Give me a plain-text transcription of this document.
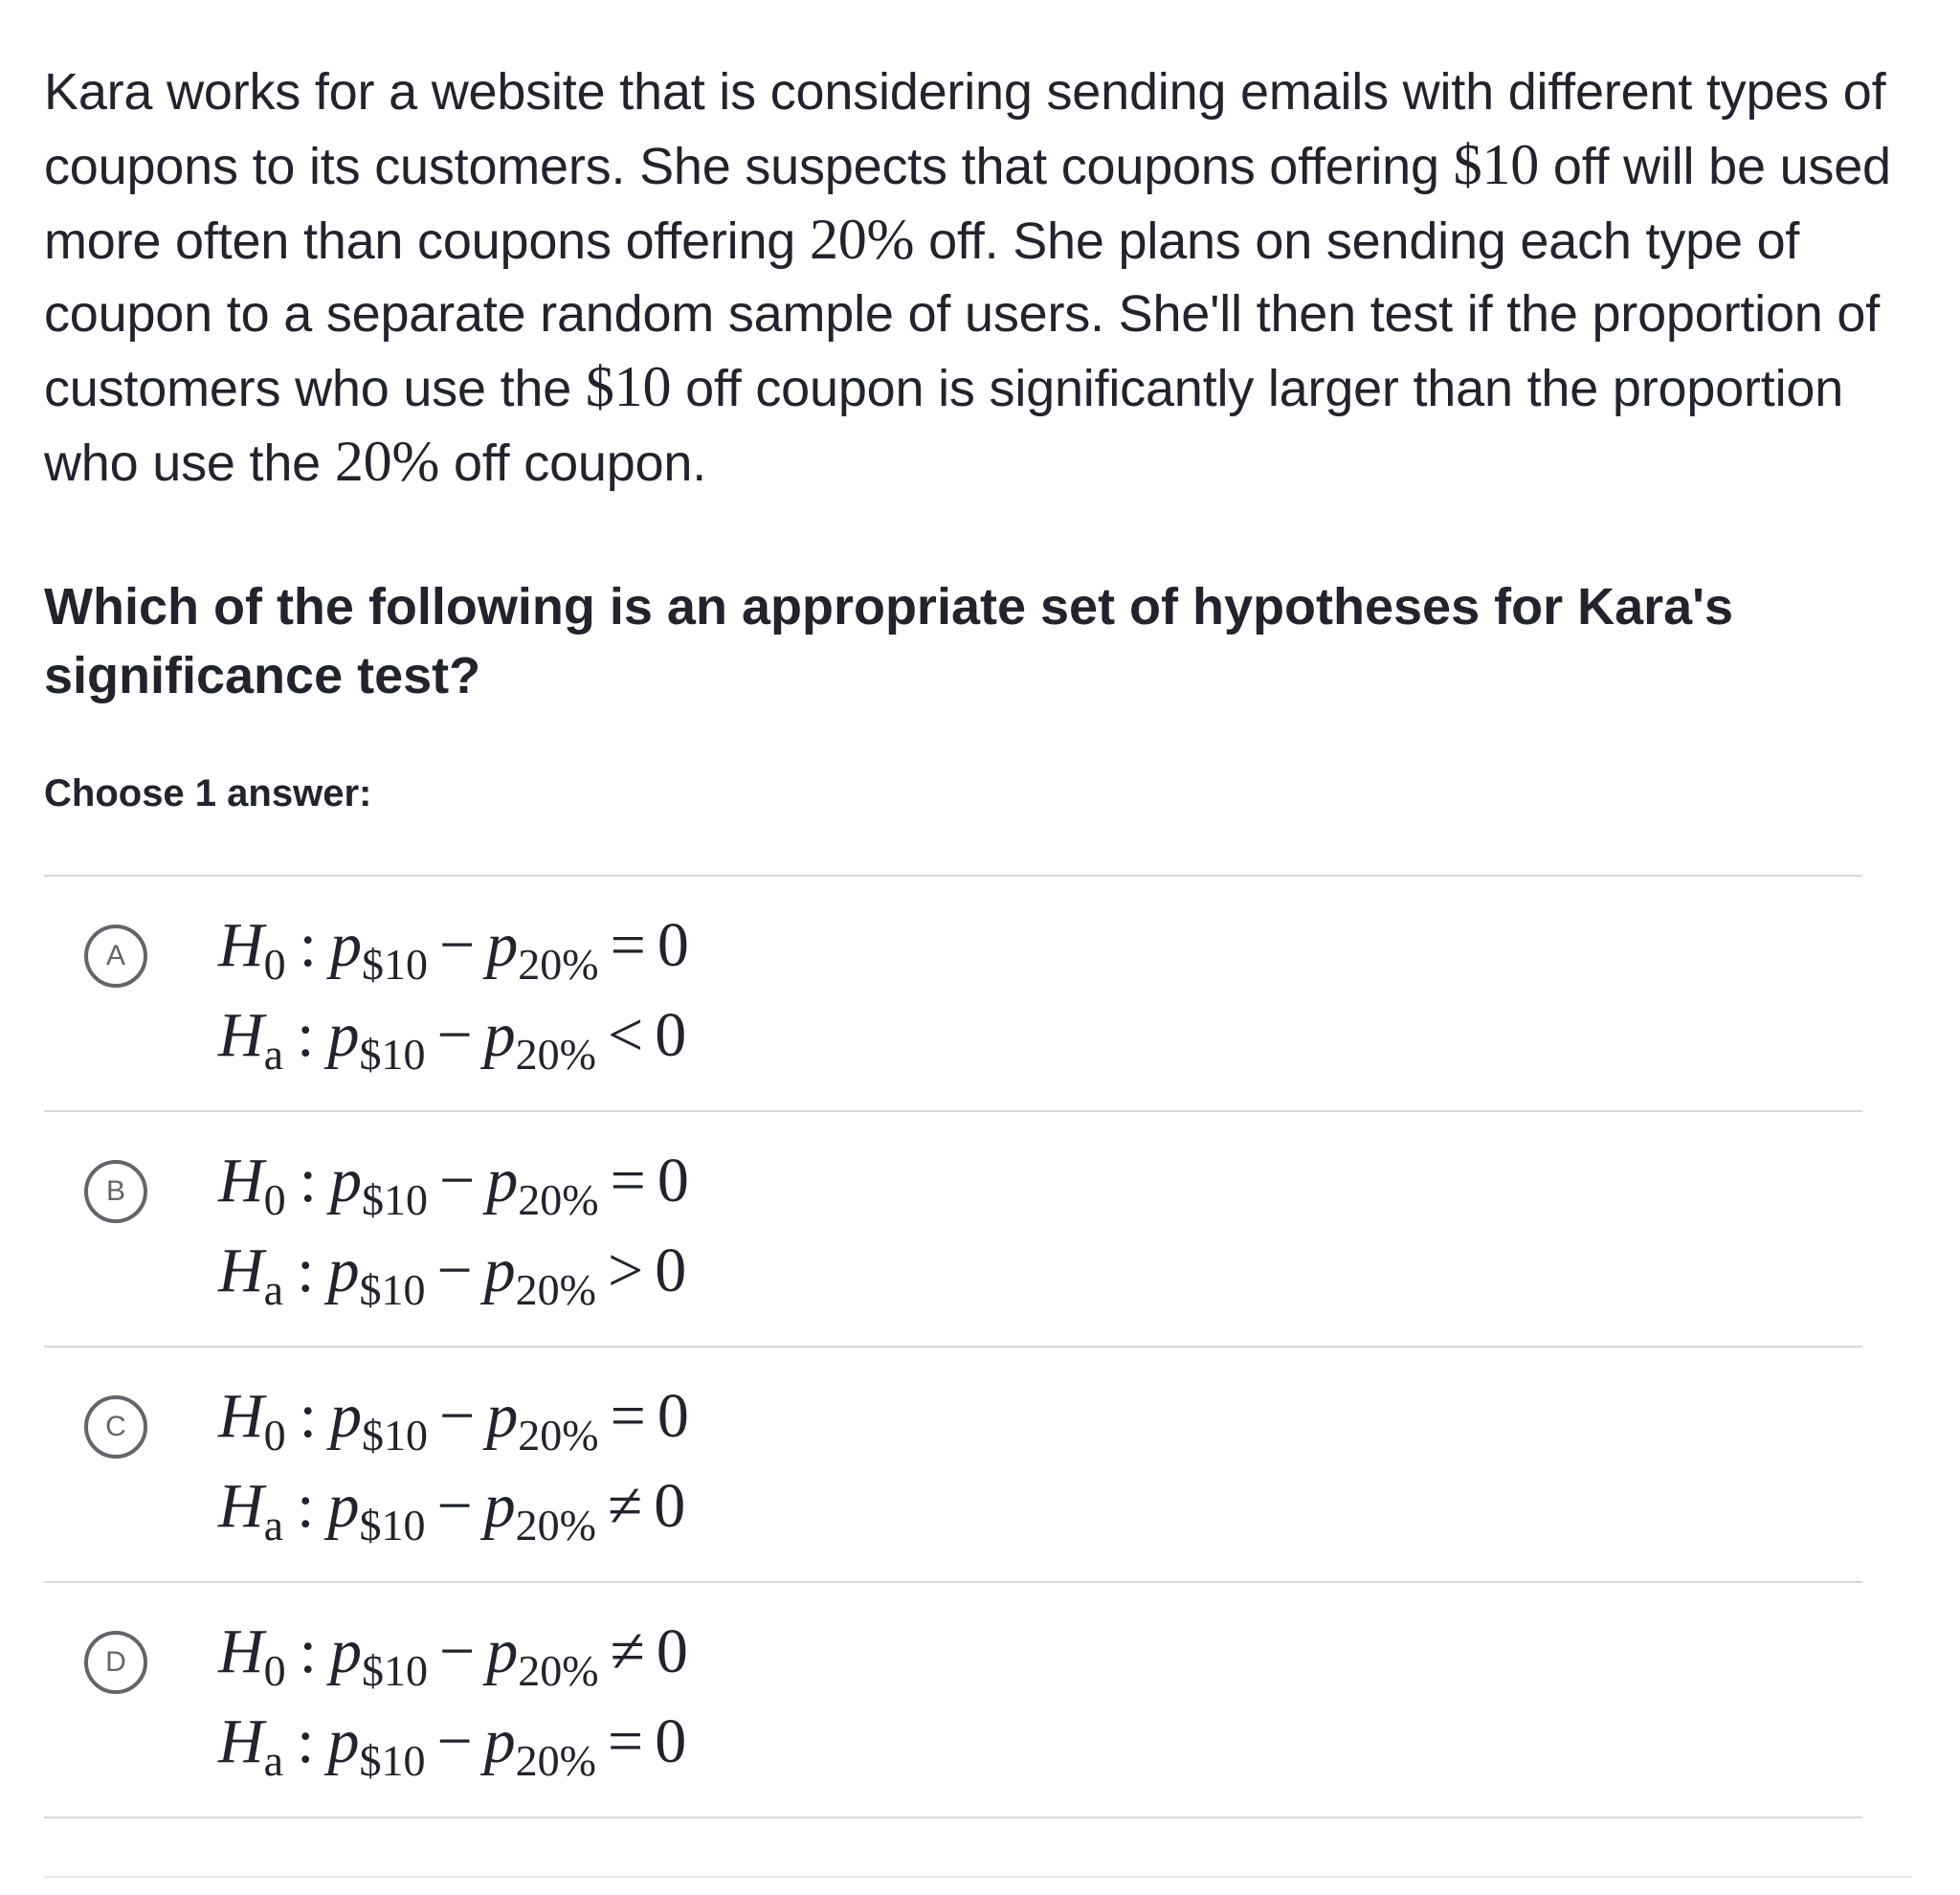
Kara works for a website that is considering sending emails with different types of coupons to its customers. She suspects that coupons offering $10 off will be used more often than coupons offering 20% off. She plans on sending each type of coupon to a separate random sample of users. She'll then test if the proportion of customers who use the $10 off coupon is significantly larger than the proportion who use the 20% off coupon.

Which of the following is an appropriate set of hypotheses for Kara's significance test?

Choose 1 answer:

A	$H_0$ : $p_{\$10} - p_{20\%} = 0$
$H_a$ : $p_{\$10} - p_{20\%} < 0$
B	$H_0$ : $p_{\$10} - p_{20\%} = 0$
$H_a$ : $p_{\$10} - p_{20\%} > 0$
C	$H_0$ : $p_{\$10} - p_{20\%} = 0$
$H_a$ : $p_{\$10} - p_{20\%} \ne 0$
D	$H_0$ : $p_{\$10} - p_{20\%} \ne 0$
$H_a$ : $p_{\$10} - p_{20\%} = 0$
